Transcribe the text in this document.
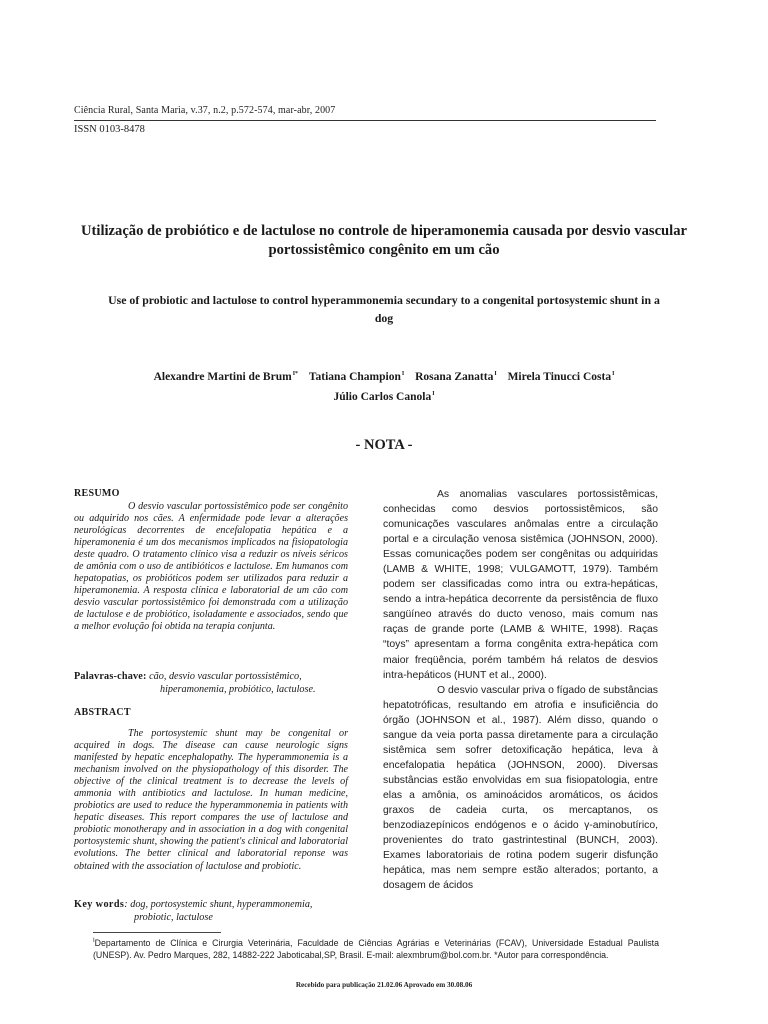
Ciência Rural, Santa Maria, v.37, n.2, p.572-574, mar-abr, 2007
ISSN 0103-8478
Utilização de probiótico e de lactulose no controle de hiperamonemia causada por desvio vascular portossistêmico congênito em um cão
Use of probiotic and lactulose to control hyperammonemia secundary to a congenital portosystemic shunt in a dog
Alexandre Martini de Brum$^{I*}$ Tatiana Champion$^I$ Rosana Zanatta$^I$ Mirela Tinucci Costa$^I$
Júlio Carlos Canola$^I$
- NOTA -
RESUMO

O desvio vascular portossistêmico pode ser congênito ou adquirido nos cães. A enfermidade pode levar a alterações neurológicas decorrentes de encefalopatia hepática e a hiperamonenia é um dos mecanismos implicados na fisiopatologia deste quadro. O tratamento clínico visa a reduzir os níveis séricos de amônia com o uso de antibióticos e lactulose. Em humanos com hepatopatias, os probióticos podem ser utilizados para reduzir a hiperamonemia. A resposta clínica e laboratorial de um cão com desvio vascular portossistêmico foi demonstrada com a utilização de lactulose e de probiótico, isoladamente e associados, sendo que a melhor evolução foi obtida na terapia conjunta.

Palavras-chave: cão, desvio vascular portossistêmico,
hiperamonemia, probiótico, lactulose.
ABSTRACT

The portosystemic shunt may be congenital or acquired in dogs. The disease can cause neurologic signs manifested by hepatic encephalopathy. The hyperammonemia is a mechanism involved on the physiopathology of this disorder. The objective of the clinical treatment is to decrease the levels of ammonia with antibiotics and lactulose. In human medicine, probiotics are used to reduce the hyperammonemia in patients with hepatic diseases. This report compares the use of lactulose and probiotic monotherapy and in association in a dog with congenital portosystemic shunt, showing the patient's clinical and laboratorial evolutions. The better clinical and laboratorial reponse was obtained with the association of lactulose and probiotic.

Key words: dog, portosystemic shunt, hyperammonemia,
probiotic, lactulose

As anomalias vasculares portossistêmicas, conhecidas como desvios portossistêmicos, são comunicações vasculares anômalas entre a circulação portal e a circulação venosa sistêmica (JOHNSON, 2000). Essas comunicações podem ser congênitas ou adquiridas (LAMB & WHITE, 1998; VULGAMOTT, 1979). Também podem ser classificadas como intra ou extra-hepáticas, sendo a intra-hepática decorrente da persistência de fluxo sangüíneo através do ducto venoso, mais comum nas raças de grande porte (LAMB & WHITE, 1998). Raças “toys” apresentam a forma congênita extra-hepática com maior freqüência, porém também há relatos de desvios intra-hepáticos (HUNT et al., 2000).

O desvio vascular priva o fígado de substâncias hepatotróficas, resultando em atrofia e insuficiência do órgão (JOHNSON et al., 1987). Além disso, quando o sangue da veia porta passa diretamente para a circulação sistêmica sem sofrer detoxificação hepática, leva à encefalopatia hepática (JOHNSON, 2000). Diversas substâncias estão envolvidas em sua fisiopatologia, entre elas a amônia, os aminoácidos aromáticos, os ácidos graxos de cadeia curta, os mercaptanos, os benzodiazepínicos endógenos e o ácido γ-aminobutírico, provenientes do trato gastrintestinal (BUNCH, 2003). Exames laboratoriais de rotina podem sugerir disfunção hepática, mas nem sempre estão alterados; portanto, a dosagem de ácidos

$^I$Departamento de Clínica e Cirurgia Veterinária, Faculdade de Ciências Agrárias e Veterinárias (FCAV), Universidade Estadual Paulista (UNESP). Av. Pedro Marques, 282, 14882-222 Jaboticabal,SP, Brasil. E-mail: alexmbrum@bol.com.br. *Autor para correspondência.
Recebido para publicação 21.02.06 Aprovado em 30.08.06
